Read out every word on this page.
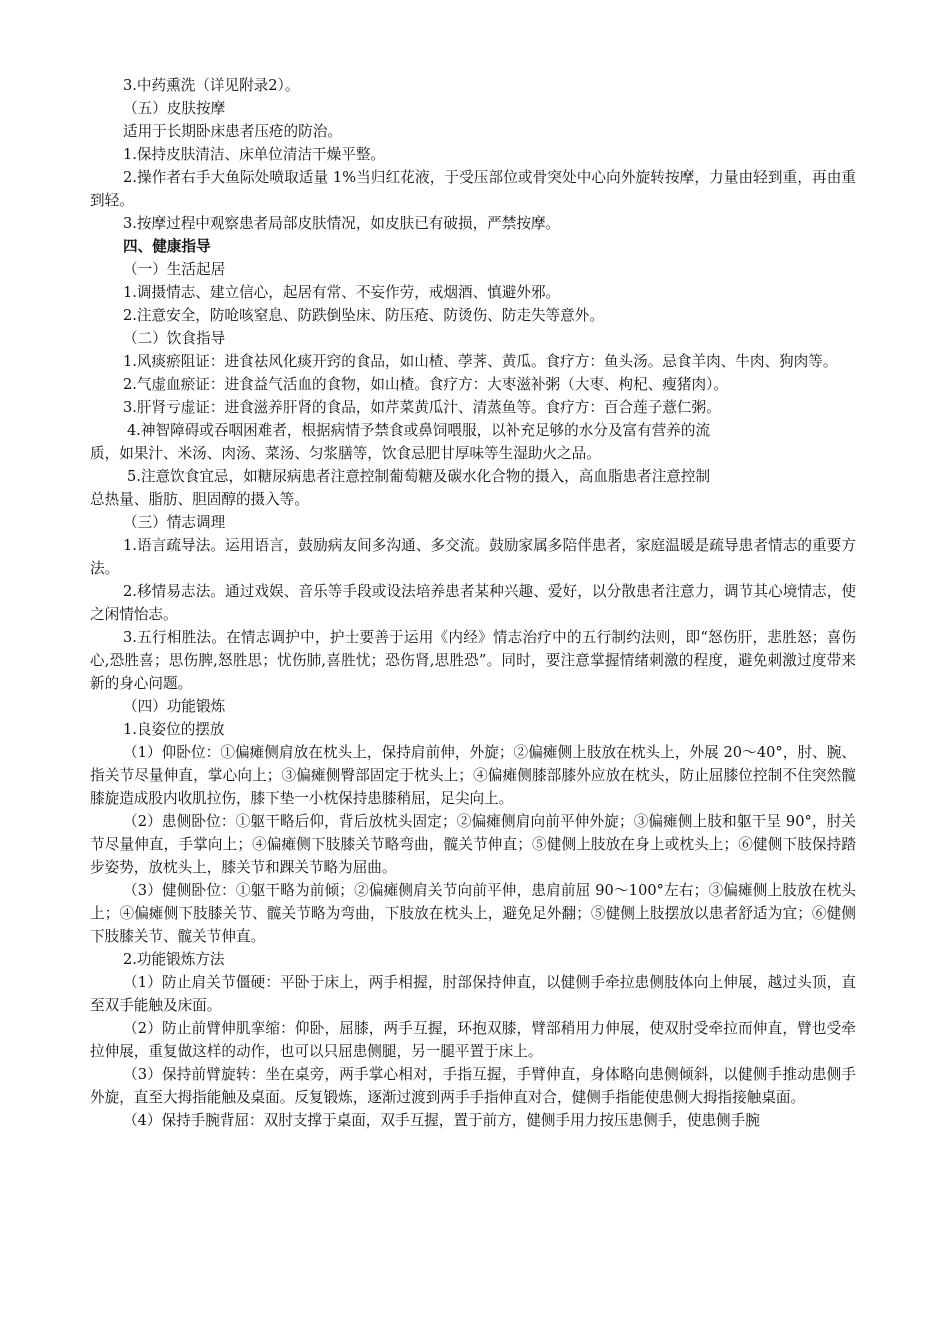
3.中药熏洗（详见附录2）。

（五）皮肤按摩

适用于长期卧床患者压疮的防治。

1.保持皮肤清洁、床单位清洁干燥平整。

2.操作者右手大鱼际处喷取适量 1%当归红花液，于受压部位或骨突处中心向外旋转按摩，力量由轻到重，再由重到轻。

3.按摩过程中观察患者局部皮肤情况，如皮肤已有破损，严禁按摩。

四、健康指导

（一）生活起居

1.调摄情志、建立信心，起居有常、不妄作劳，戒烟酒、慎避外邪。

2.注意安全，防呛咳窒息、防跌倒坠床、防压疮、防烫伤、防走失等意外。

（二）饮食指导

1.风痰瘀阻证：进食祛风化痰开窍的食品，如山楂、荸荠、黄瓜。食疗方：鱼头汤。忌食羊肉、牛肉、狗肉等。

2.气虚血瘀证：进食益气活血的食物，如山楂。食疗方：大枣滋补粥（大枣、枸杞、瘦猪肉）。

3.肝肾亏虚证：进食滋养肝肾的食品，如芹菜黄瓜汁、清蒸鱼等。食疗方：百合莲子薏仁粥。

4.神智障碍或吞咽困难者，根据病情予禁食或鼻饲喂服，以补充足够的水分及富有营养的流

质，如果汁、米汤、肉汤、菜汤、匀浆膳等，饮食忌肥甘厚味等生湿助火之品。

5.注意饮食宜忌，如糖尿病患者注意控制葡萄糖及碳水化合物的摄入，高血脂患者注意控制

总热量、脂肪、胆固醇的摄入等。

（三）情志调理

1.语言疏导法。运用语言，鼓励病友间多沟通、多交流。鼓励家属多陪伴患者，家庭温暖是疏导患者情志的重要方法。

2.移情易志法。通过戏娱、音乐等手段或设法培养患者某种兴趣、爱好，以分散患者注意力，调节其心境情志，使之闲情怡志。

3.五行相胜法。在情志调护中，护士要善于运用《内经》情志治疗中的五行制约法则，即“怒伤肝，悲胜怒；喜伤心,恐胜喜；思伤脾,怒胜思；忧伤肺,喜胜忧；恐伤肾,思胜恐”。同时，要注意掌握情绪刺激的程度，避免刺激过度带来新的身心问题。

（四）功能锻炼

1.良姿位的摆放

（1）仰卧位：①偏瘫侧肩放在枕头上，保持肩前伸，外旋；②偏瘫侧上肢放在枕头上，外展 20～40°，肘、腕、指关节尽量伸直，掌心向上；③偏瘫侧臀部固定于枕头上；④偏瘫侧膝部膝外应放在枕头，防止屈膝位控制不住突然髋膝旋造成股内收肌拉伤，膝下垫一小枕保持患膝稍屈，足尖向上。

（2）患侧卧位：①躯干略后仰，背后放枕头固定；②偏瘫侧肩向前平伸外旋；③偏瘫侧上肢和躯干呈 90°，肘关节尽量伸直，手掌向上；④偏瘫侧下肢膝关节略弯曲，髋关节伸直；⑤健侧上肢放在身上或枕头上；⑥健侧下肢保持踏步姿势，放枕头上，膝关节和踝关节略为屈曲。

（3）健侧卧位：①躯干略为前倾；②偏瘫侧肩关节向前平伸，患肩前屈 90～100°左右；③偏瘫侧上肢放在枕头上；④偏瘫侧下肢膝关节、髋关节略为弯曲，下肢放在枕头上，避免足外翻；⑤健侧上肢摆放以患者舒适为宜；⑥健侧下肢膝关节、髋关节伸直。

2.功能锻炼方法

（1）防止肩关节僵硬：平卧于床上，两手相握，肘部保持伸直，以健侧手牵拉患侧肢体向上伸展，越过头顶，直至双手能触及床面。

（2）防止前臂伸肌挛缩：仰卧，屈膝，两手互握，环抱双膝，臂部稍用力伸展，使双肘受牵拉而伸直，臂也受牵拉伸展，重复做这样的动作，也可以只屈患侧腿，另一腿平置于床上。

（3）保持前臂旋转：坐在桌旁，两手掌心相对，手指互握，手臂伸直，身体略向患侧倾斜，以健侧手推动患侧手外旋，直至大拇指能触及桌面。反复锻炼，逐渐过渡到两手手指伸直对合，健侧手指能使患侧大拇指接触桌面。

（4）保持手腕背屈：双肘支撑于桌面，双手互握，置于前方，健侧手用力按压患侧手，使患侧手腕
